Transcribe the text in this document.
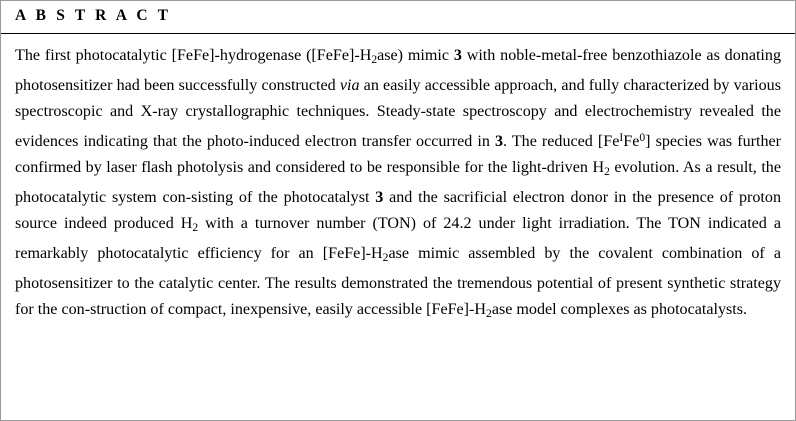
A B S T R A C T
The first photocatalytic [FeFe]-hydrogenase $([FeFe]-H_2ase)$ mimic 3 with noble-metal-free benzothiazole as donating photosensitizer had been successfully constructed via an easily accessible approach, and fully characterized by various spectroscopic and X-ray crystallographic techniques. Steady-state spectroscopy and electrochemistry revealed the evidences indicating that the photo-induced electron transfer occurred in 3. The reduced $[Fe^IFe^0]$ species was further confirmed by laser flash photolysis and considered to be responsible for the light-driven $H_2$ evolution. As a result, the photocatalytic system con-sisting of the photocatalyst 3 and the sacrificial electron donor in the presence of proton source indeed produced $H_2$ with a turnover number (TON) of 24.2 under light irradiation. The TON indicated a remarkably photocatalytic efficiency for an $[FeFe]-H_2ase$ mimic assembled by the covalent combination of a photosensitizer to the catalytic center. The results demonstrated the tremendous potential of present synthetic strategy for the con-struction of compact, inexpensive, easily accessible $[FeFe]-H_2ase$ model complexes as photocatalysts.
